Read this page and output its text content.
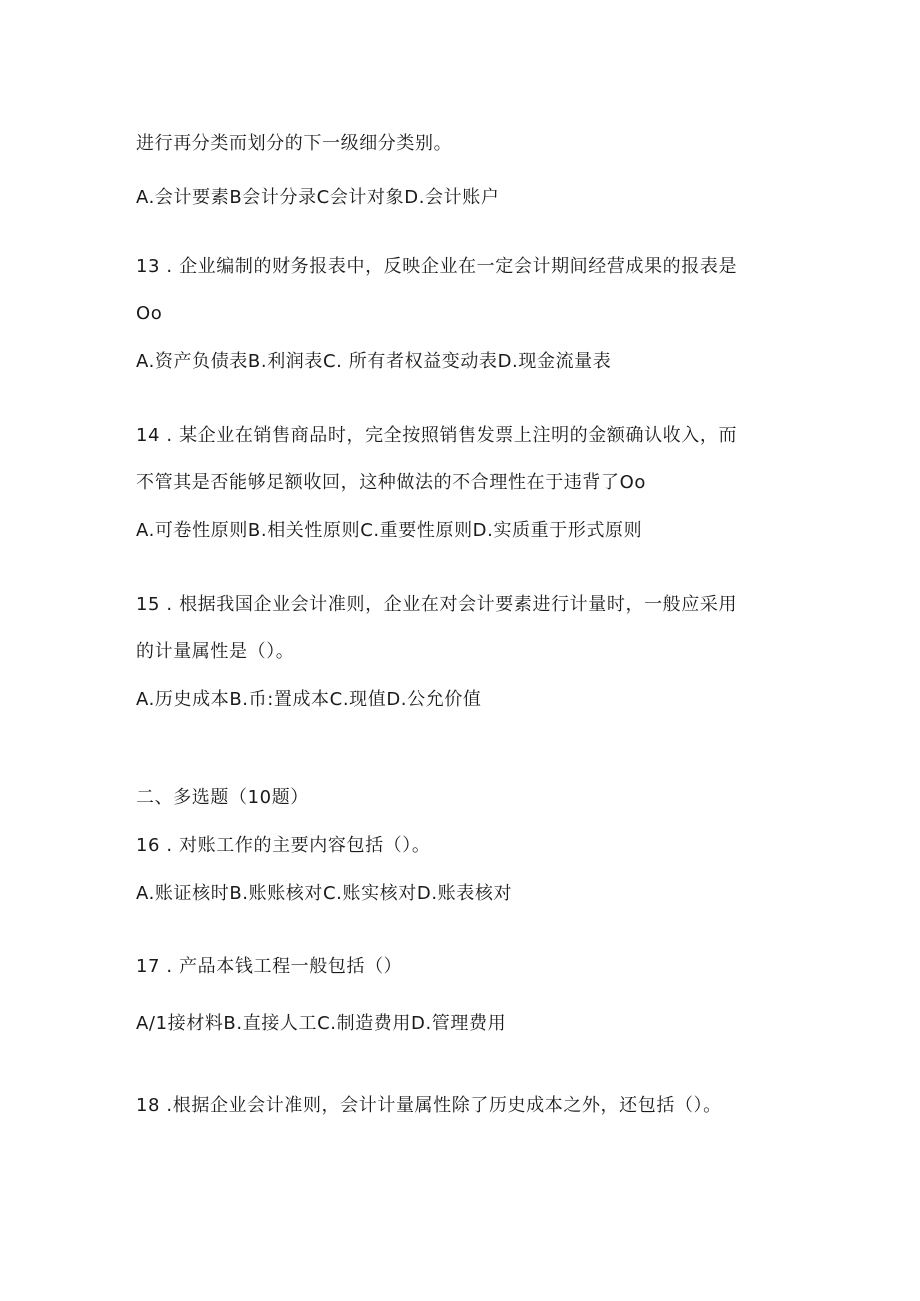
进行再分类而划分的下一级细分类别。
A.会计要素B会计分录C会计对象D.会计账户
13 . 企业编制的财务报表中，反映企业在一定会计期间经营成果的报表是
Oo
A.资产负债表B.利润表C. 所有者权益变动表D.现金流量表
14 . 某企业在销售商品时，完全按照销售发票上注明的金额确认收入，而
不管其是否能够足额收回，这种做法的不合理性在于违背了Oo
A.可卷性原则B.相关性原则C.重要性原则D.实质重于形式原则
15 . 根据我国企业会计准则，企业在对会计要素进行计量时，一般应采用
的计量属性是（）。
A.历史成本B.币:置成本C.现值D.公允价值
二、多选题（10题）
16 . 对账工作的主要内容包括（）。
A.账证核时B.账账核对C.账实核对D.账表核对
17 . 产品本钱工程一般包括（）
A/1接材料B.直接人工C.制造费用D.管理费用
18 .根据企业会计准则，会计计量属性除了历史成本之外，还包括（）。
